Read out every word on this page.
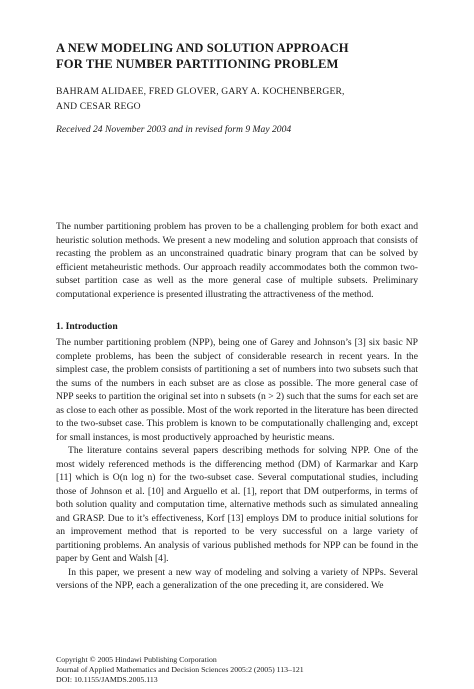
A NEW MODELING AND SOLUTION APPROACH
FOR THE NUMBER PARTITIONING PROBLEM
BAHRAM ALIDAEE, FRED GLOVER, GARY A. KOCHENBERGER,
AND CESAR REGO
Received 24 November 2003 and in revised form 9 May 2004
The number partitioning problem has proven to be a challenging problem for both exact and heuristic solution methods. We present a new modeling and solution approach that consists of recasting the problem as an unconstrained quadratic binary program that can be solved by efficient metaheuristic methods. Our approach readily accommodates both the common two-subset partition case as well as the more general case of multiple subsets. Preliminary computational experience is presented illustrating the attractiveness of the method.
1. Introduction

The number partitioning problem (NPP), being one of Garey and Johnson’s [3] six basic NP complete problems, has been the subject of considerable research in recent years. In the simplest case, the problem consists of partitioning a set of numbers into two subsets such that the sums of the numbers in each subset are as close as possible. The more general case of NPP seeks to partition the original set into n subsets (n > 2) such that the sums for each set are as close to each other as possible. Most of the work reported in the literature has been directed to the two-subset case. This problem is known to be computationally challenging and, except for small instances, is most productively approached by heuristic means.

The literature contains several papers describing methods for solving NPP. One of the most widely referenced methods is the differencing method (DM) of Karmarkar and Karp [11] which is O(n log n) for the two-subset case. Several computational studies, including those of Johnson et al. [10] and Arguello et al. [1], report that DM outperforms, in terms of both solution quality and computation time, alternative methods such as simulated annealing and GRASP. Due to it’s effectiveness, Korf [13] employs DM to produce initial solutions for an improvement method that is reported to be very successful on a large variety of partitioning problems. An analysis of various published methods for NPP can be found in the paper by Gent and Walsh [4].

In this paper, we present a new way of modeling and solving a variety of NPPs. Several versions of the NPP, each a generalization of the one preceding it, are considered. We

Copyright © 2005 Hindawi Publishing Corporation
Journal of Applied Mathematics and Decision Sciences 2005:2 (2005) 113–121
DOI: 10.1155/JAMDS.2005.113
